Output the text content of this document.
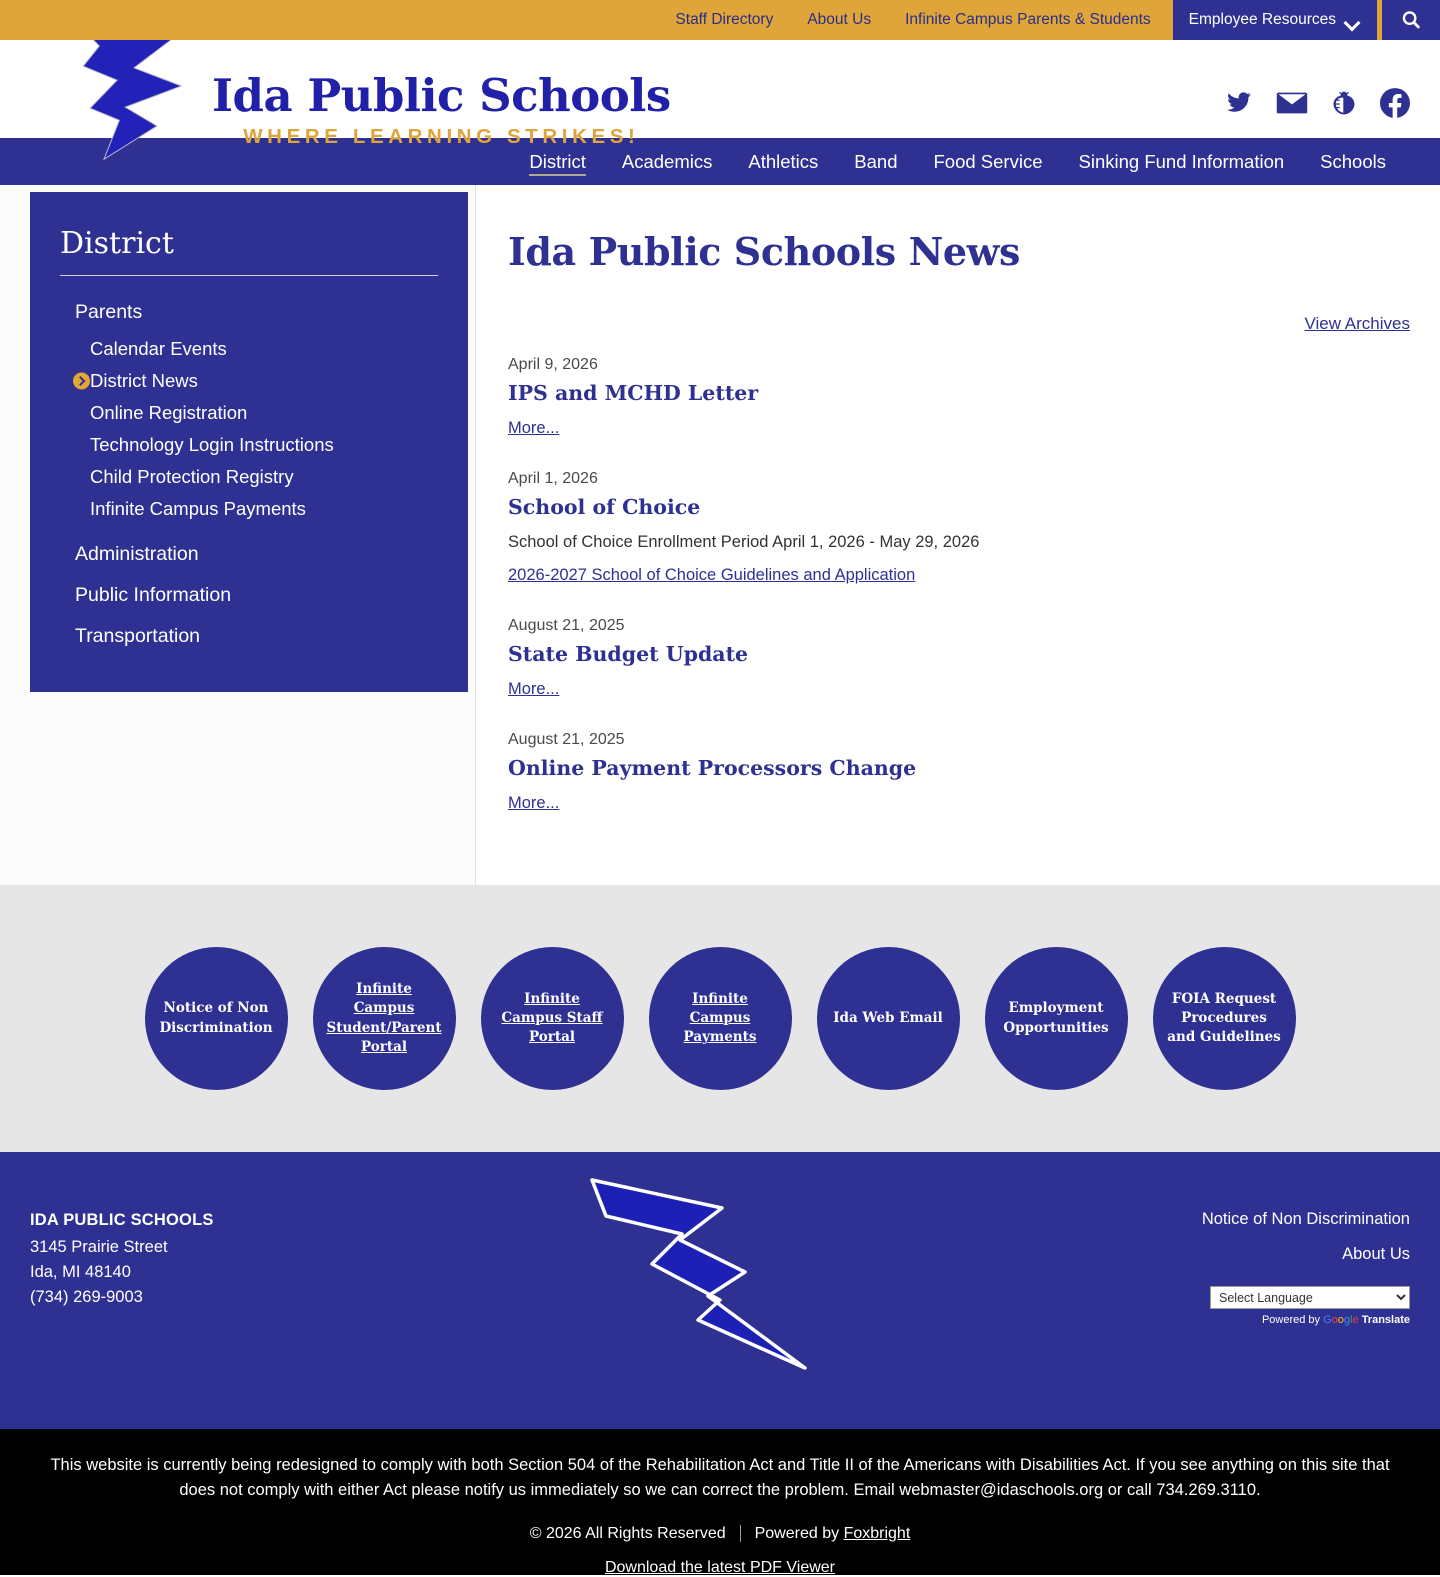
Staff Directory About Us Infinite Campus Parents & Students Employee Resources
Ida Public Schools
WHERE LEARNING STRIKES!
District	Academics	Athletics	Band	Food Service	Sinking Fund Information	Schools
District
Parents
Calendar Events
District News
Online Registration
Technology Login Instructions
Child Protection Registry
Infinite Campus Payments
Administration
Public Information
Transportation
Ida Public Schools News
View Archives
April 9, 2026
IPS and MCHD Letter
More...
April 1, 2026
School of Choice
School of Choice Enrollment Period April 1, 2026 - May 29, 2026
2026-2027 School of Choice Guidelines and Application
August 21, 2025
State Budget Update
More...
August 21, 2025
Online Payment Processors Change
More...
Notice of Non Discrimination
Infinite Campus Student/Parent Portal
Infinite Campus Staff Portal
Infinite Campus Payments
Ida Web Email
Employment Opportunities
FOIA Request Procedures and Guidelines
IDA PUBLIC SCHOOLS
3145 Prairie Street
Ida, MI 48140
(734) 269-9003
Notice of Non Discrimination
About Us
Select Language
Powered by Google Translate
This website is currently being redesigned to comply with both Section 504 of the Rehabilitation Act and Title II of the Americans with Disabilities Act. If you see anything on this site that does not comply with either Act please notify us immediately so we can correct the problem. Email webmaster@idaschools.org or call 734.269.3110.
© 2026 All Rights Reserved Powered by Foxbright
Download the latest PDF Viewer
